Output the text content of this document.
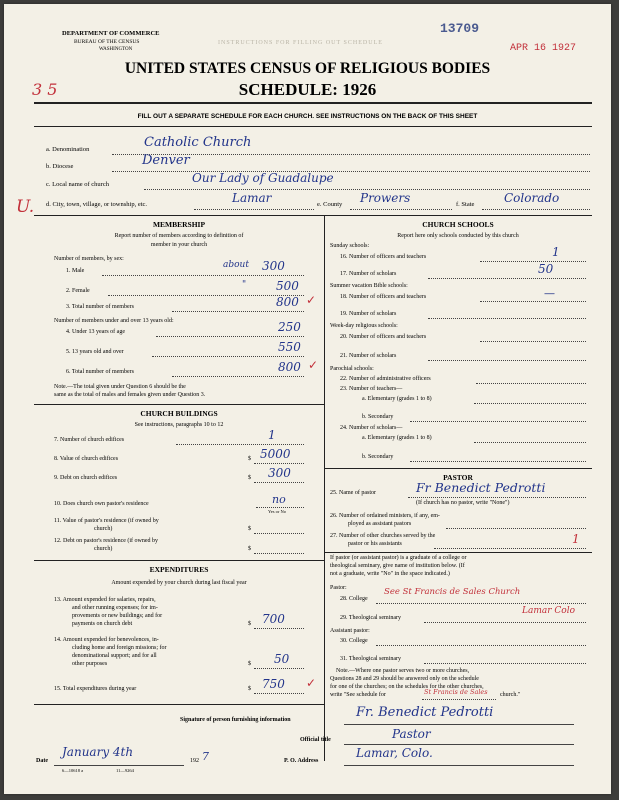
DEPARTMENT OF COMMERCE
BUREAU OF THE CENSUS
WASHINGTON
INSTRUCTIONS FOR FILLING OUT SCHEDULE
13709
APR 16 1927
3 5
UNITED STATES CENSUS OF RELIGIOUS BODIES
SCHEDULE: 1926
FILL OUT A SEPARATE SCHEDULE FOR EACH CHURCH. SEE INSTRUCTIONS ON THE BACK OF THIS SHEET
a. Denomination	Catholic Church
b. Diocese	Denver
c. Local name of church	Our Lady of Guadalupe
U. d. City, town, village, or township, etc.	Lamar	e. County Prowers	f. State Colorado
MEMBERSHIP
Report number of members according to definition of
member in your church
Number of members, by sex:
1. Male
about 300
2. Female
" 500
3. Total number of members	800 ✓
Number of members under and over 13 years old:
4. Under 13 years of age	250
5. 13 years old and over	550
6. Total number of members	800 ✓
Note.—The total given under Question 6 should be the
same as the total of males and females given under Question 3.
CHURCH BUILDINGS
See instructions, paragraphs 10 to 12
7. Number of church edifices	1
8. Value of church edifices	$ 5000
9. Debt on church edifices	$ 300
10. Does church own pastor's residence	no
Yes or No
11. Value of pastor's residence (if owned by
church)	$
12. Debt on pastor's residence (if owned by
church)	$
EXPENDITURES
Amount expended by your church during last fiscal year
13. Amount expended for salaries, repairs,
and other running expenses; for im-
provements or new buildings; and for
payments on church debt	$ 700
14. Amount expended for benevolences, in-
cluding home and foreign missions; for
denominational support; and for all
other purposes	$ 50
15. Total expenditures during year	$ 750 ✓
CHURCH SCHOOLS
Report here only schools conducted by this church
Sunday schools:
16. Number of officers and teachers	1
17. Number of scholars	50
Summer vacation Bible schools:
18. Number of officers and teachers	—
19. Number of scholars
Week-day religious schools:
20. Number of officers and teachers
21. Number of scholars
Parochial schools:
22. Number of administrative officers
23. Number of teachers—
a. Elementary (grades 1 to 8)
b. Secondary
24. Number of scholars—
a. Elementary (grades 1 to 8)
b. Secondary
PASTOR
25. Name of pastor	Fr Benedict Pedrotti
(If church has no pastor, write "None")
26. Number of ordained ministers, if any, em-
ployed as assistant pastors
27. Number of other churches served by the
pastor or his assistants	1
If pastor (or assistant pastor) is a graduate of a college or
theological seminary, give name of institution below. (If
not a graduate, write "No" in the space indicated.)
Pastor:
28. College
See St Francis de Sales Church
29. Theological seminary
Lamar Colo
Assistant pastor:
30. College
31. Theological seminary
Note.—Where one pastor serves two or more churches,
Questions 28 and 29 should be answered only on the schedule
for one of the churches; on the schedules for the other churches,
write "See schedule for	St Francis de Sales church."
Signature of person furnishing information	Fr. Benedict Pedrotti
Official title	Pastor
Date
January 4th
192 7	P. O. Address
Lamar, Colo.
6—10618 a	11—9264
